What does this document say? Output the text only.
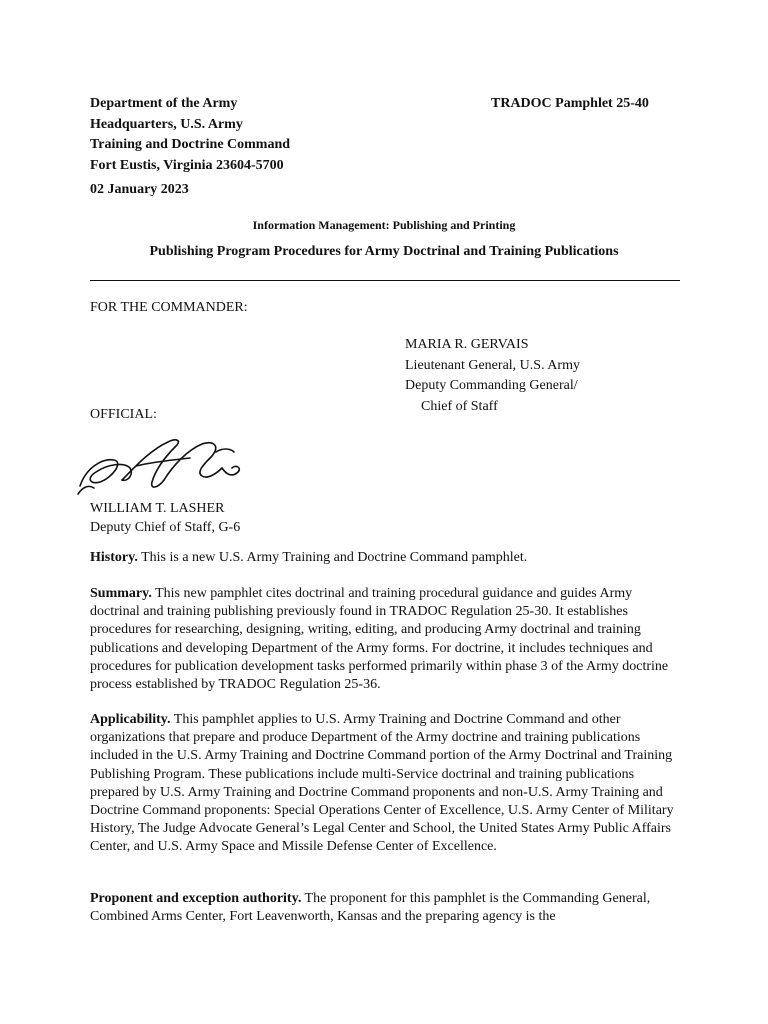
Department of the Army
Headquarters, U.S. Army
Training and Doctrine Command
Fort Eustis, Virginia 23604-5700
TRADOC Pamphlet 25-40
02 January 2023
Information Management: Publishing and Printing
Publishing Program Procedures for Army Doctrinal and Training Publications
FOR THE COMMANDER:
MARIA R. GERVAIS
Lieutenant General, U.S. Army
Deputy Commanding General/
Chief of Staff
OFFICIAL:
WILLIAM T. LASHER
Deputy Chief of Staff, G-6
History. This is a new U.S. Army Training and Doctrine Command pamphlet.
Summary. This new pamphlet cites doctrinal and training procedural guidance and guides Army doctrinal and training publishing previously found in TRADOC Regulation 25-30. It establishes procedures for researching, designing, writing, editing, and producing Army doctrinal and training publications and developing Department of the Army forms. For doctrine, it includes techniques and procedures for publication development tasks performed primarily within phase 3 of the Army doctrine process established by TRADOC Regulation 25-36.
Applicability. This pamphlet applies to U.S. Army Training and Doctrine Command and other organizations that prepare and produce Department of the Army doctrine and training publications included in the U.S. Army Training and Doctrine Command portion of the Army Doctrinal and Training Publishing Program. These publications include multi-Service doctrinal and training publications prepared by U.S. Army Training and Doctrine Command proponents and non-U.S. Army Training and Doctrine Command proponents: Special Operations Center of Excellence, U.S. Army Center of Military History, The Judge Advocate General’s Legal Center and School, the United States Army Public Affairs Center, and U.S. Army Space and Missile Defense Center of Excellence.
Proponent and exception authority. The proponent for this pamphlet is the Commanding General, Combined Arms Center, Fort Leavenworth, Kansas and the preparing agency is the
